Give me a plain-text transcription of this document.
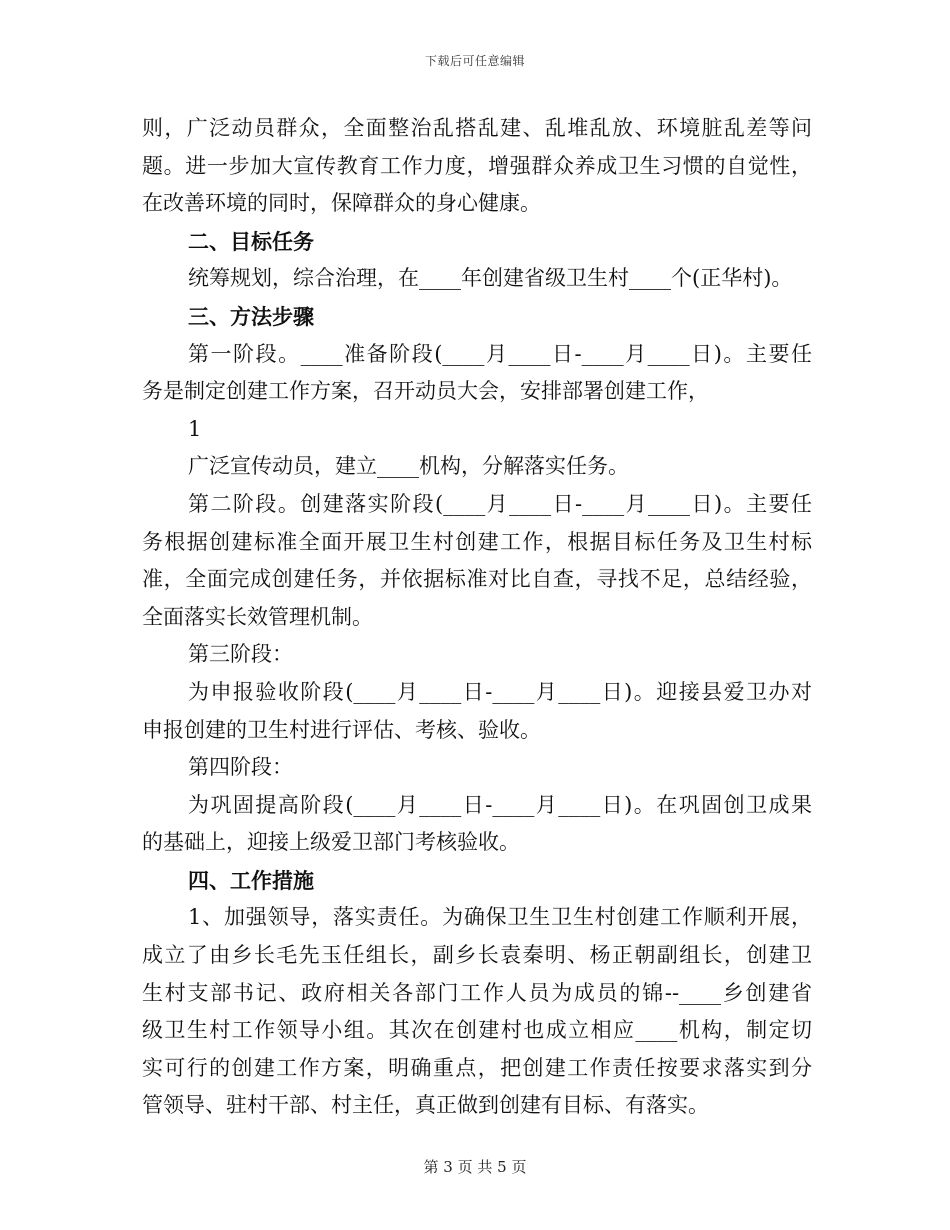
下载后可任意编辑
则，广泛动员群众，全面整治乱搭乱建、乱堆乱放、环境脏乱差等问
题。进一步加大宣传教育工作力度，增强群众养成卫生习惯的自觉性，
在改善环境的同时，保障群众的身心健康。
二、目标任务
统筹规划，综合治理，在____年创建省级卫生村____个(正华村)。
三、方法步骤
第一阶段。____准备阶段(____月____日-____月____日)。主要任
务是制定创建工作方案，召开动员大会，安排部署创建工作，
1
广泛宣传动员，建立____机构，分解落实任务。
第二阶段。创建落实阶段(____月____日-____月____日)。主要任
务根据创建标准全面开展卫生村创建工作，根据目标任务及卫生村标
准，全面完成创建任务，并依据标准对比自查，寻找不足，总结经验，
全面落实长效管理机制。
第三阶段：
为申报验收阶段(____月____日-____月____日)。迎接县爱卫办对
申报创建的卫生村进行评估、考核、验收。
第四阶段：
为巩固提高阶段(____月____日-____月____日)。在巩固创卫成果
的基础上，迎接上级爱卫部门考核验收。
四、工作措施
1、加强领导，落实责任。为确保卫生卫生村创建工作顺利开展，
成立了由乡长毛先玉任组长，副乡长袁秦明、杨正朝副组长，创建卫
生村支部书记、政府相关各部门工作人员为成员的锦--____乡创建省
级卫生村工作领导小组。其次在创建村也成立相应____机构，制定切
实可行的创建工作方案，明确重点，把创建工作责任按要求落实到分
管领导、驻村干部、村主任，真正做到创建有目标、有落实。
第 3 页 共 5 页
